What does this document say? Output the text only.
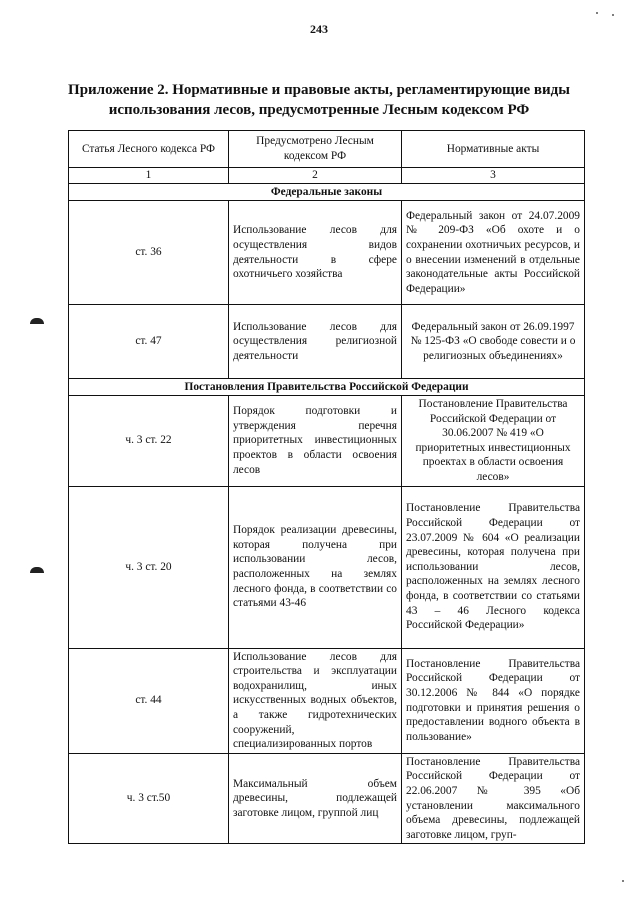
243
Приложение 2. Нормативные и правовые акты, регламентирующие виды использования лесов, предусмотренные Лесным кодексом РФ
Статья Лесного кодекса РФ	Предусмотрено Лесным кодексом РФ	Нормативные акты
1	2	3
Федеральные законы		
ст. 36	Использование лесов для осуществления видов деятельности в сфере охотничьего хозяйства	Федеральный закон от 24.07.2009 № 209-ФЗ «Об охоте и о сохранении охотничьих ресурсов, и о внесении изменений в отдельные законодательные акты Российской Федерации»
ст. 47	Использование лесов для осуществления религиозной деятельности	Федеральный закон от 26.09.1997 № 125-ФЗ «О свободе совести и о религиозных объединениях»
Постановления Правительства Российской Федерации		
ч. 3 ст. 22	Порядок подготовки и утверждения перечня приоритетных инвестиционных проектов в области освоения лесов	Постановление Правительства Российской Федерации от 30.06.2007 № 419 «О приоритетных инвестиционных проектах в области освоения лесов»
ч. 3 ст. 20	Порядок реализации древесины, которая получена при использовании лесов, расположенных на землях лесного фонда, в соответствии со статьями 43-46	Постановление Правительства Российской Федерации от 23.07.2009 № 604 «О реализации древесины, которая получена при использовании лесов, расположенных на землях лесного фонда, в соответствии со статьями 43 – 46 Лесного кодекса Российской Федерации»
ст. 44	Использование лесов для строительства и эксплуатации водохранилищ, иных искусственных водных объектов, а также гидротехнических сооружений, специализированных портов	Постановление Правительства Российской Федерации от 30.12.2006 № 844 «О порядке подготовки и принятия решения о предоставлении водного объекта в пользование»
ч. 3 ст.50	Максимальный объем древесины, подлежащей заготовке лицом, группой лиц	Постановление Правительства Российской Федерации от 22.06.2007 № 395 «Об установлении максимального объема древесины, подлежащей заготовке лицом, груп-
